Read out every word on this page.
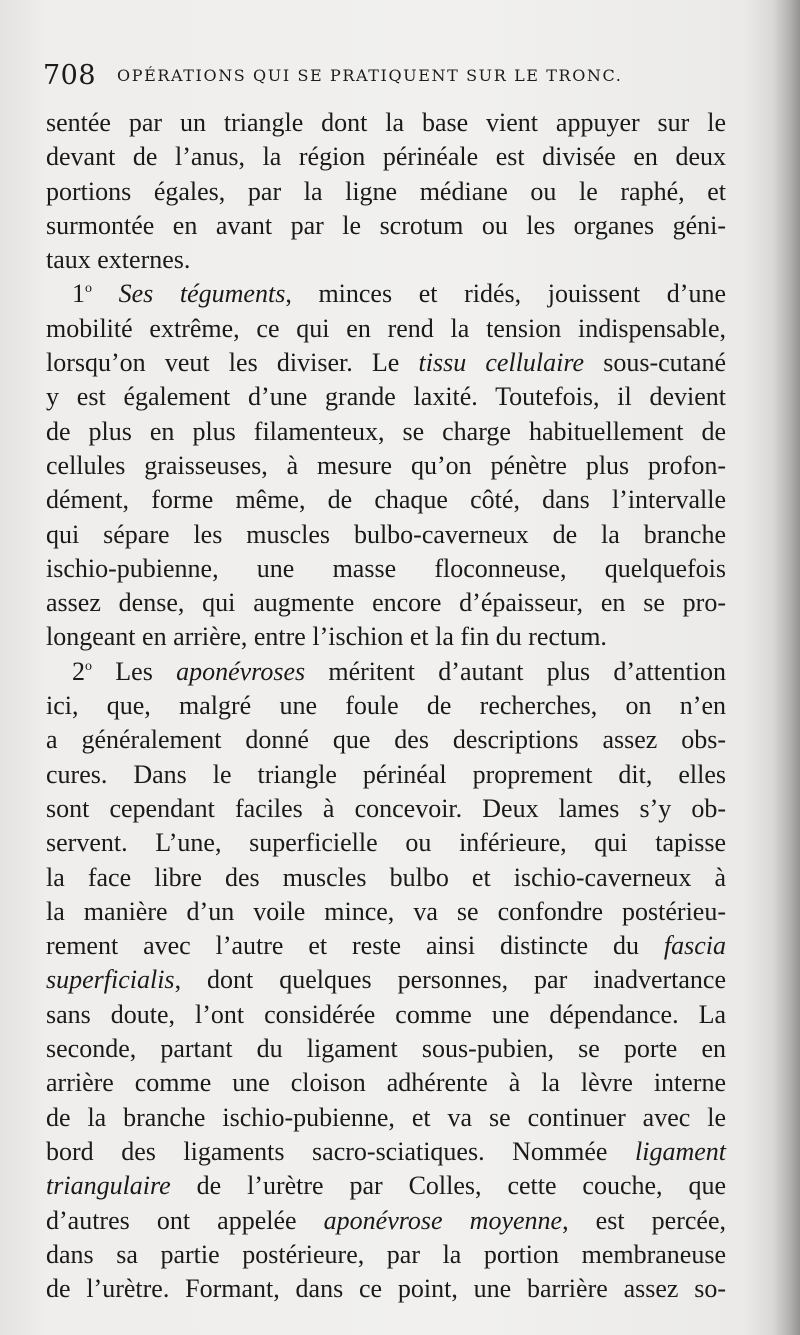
708 OPÉRATIONS QUI SE PRATIQUENT SUR LE TRONC.
sentée par un triangle dont la base vient appuyer sur le
devant de l’anus, la région périnéale est divisée en deux
portions égales, par la ligne médiane ou le raphé, et
surmontée en avant par le scrotum ou les organes géni-
taux externes.
1$^o$ Ses téguments, minces et ridés, jouissent d’une
mobilité extrême, ce qui en rend la tension indispensable,
lorsqu’on veut les diviser. Le tissu cellulaire sous-cutané
y est également d’une grande laxité. Toutefois, il devient
de plus en plus filamenteux, se charge habituellement de
cellules graisseuses, à mesure qu’on pénètre plus profon-
dément, forme même, de chaque côté, dans l’intervalle
qui sépare les muscles bulbo-caverneux de la branche
ischio-pubienne, une masse floconneuse, quelquefois
assez dense, qui augmente encore d’épaisseur, en se pro-
longeant en arrière, entre l’ischion et la fin du rectum.
2$^o$ Les aponévroses méritent d’autant plus d’attention
ici, que, malgré une foule de recherches, on n’en
a généralement donné que des descriptions assez obs-
cures. Dans le triangle périnéal proprement dit, elles
sont cependant faciles à concevoir. Deux lames s’y ob-
servent. L’une, superficielle ou inférieure, qui tapisse
la face libre des muscles bulbo et ischio-caverneux à
la manière d’un voile mince, va se confondre postérieu-
rement avec l’autre et reste ainsi distincte du fascia
superficialis, dont quelques personnes, par inadvertance
sans doute, l’ont considérée comme une dépendance. La
seconde, partant du ligament sous-pubien, se porte en
arrière comme une cloison adhérente à la lèvre interne
de la branche ischio-pubienne, et va se continuer avec le
bord des ligaments sacro-sciatiques. Nommée ligament
triangulaire de l’urètre par Colles, cette couche, que
d’autres ont appelée aponévrose moyenne, est percée,
dans sa partie postérieure, par la portion membraneuse
de l’urètre. Formant, dans ce point, une barrière assez so-
